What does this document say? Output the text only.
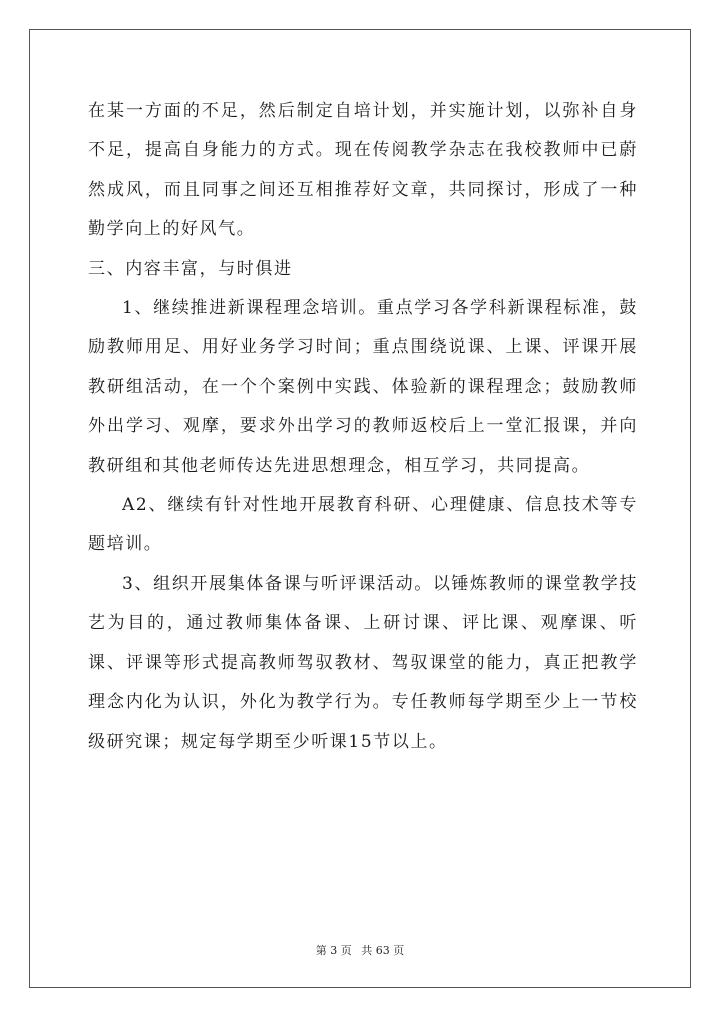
在某一方面的不足，然后制定自培计划，并实施计划，以弥补自身不足，提高自身能力的方式。现在传阅教学杂志在我校教师中已蔚然成风，而且同事之间还互相推荐好文章，共同探讨，形成了一种勤学向上的好风气。

三、内容丰富，与时俱进

1、继续推进新课程理念培训。重点学习各学科新课程标准，鼓励教师用足、用好业务学习时间；重点围绕说课、上课、评课开展教研组活动，在一个个案例中实践、体验新的课程理念；鼓励教师外出学习、观摩，要求外出学习的教师返校后上一堂汇报课，并向教研组和其他老师传达先进思想理念，相互学习，共同提高。

A2、继续有针对性地开展教育科研、心理健康、信息技术等专题培训。

3、组织开展集体备课与听评课活动。以锤炼教师的课堂教学技艺为目的，通过教师集体备课、上研讨课、评比课、观摩课、听课、评课等形式提高教师驾驭教材、驾驭课堂的能力，真正把教学理念内化为认识，外化为教学行为。专任教师每学期至少上一节校级研究课；规定每学期至少听课15节以上。

第 3 页 共 63 页
